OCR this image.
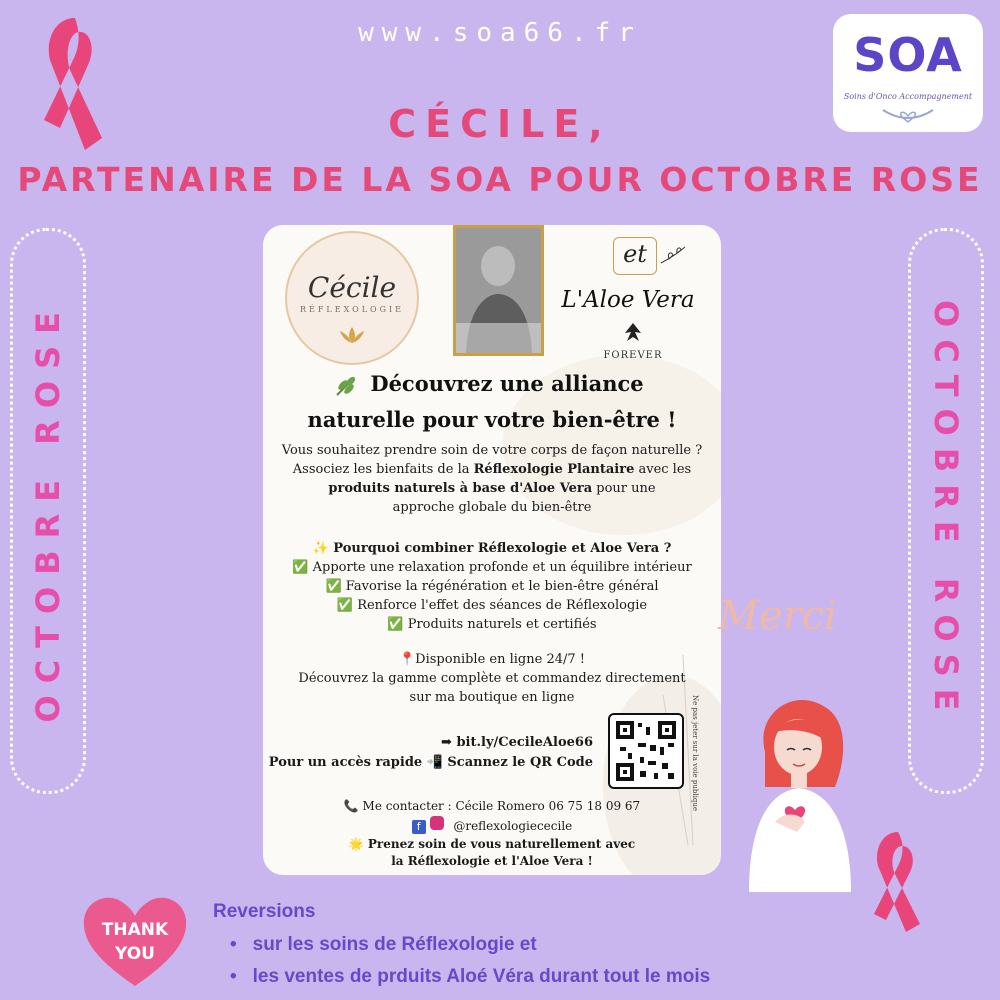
www.soa66.fr	SOA
Soins d'Onco Accompagnement
CÉCILE,
PARTENAIRE DE LA SOA POUR OCTOBRE ROSE
OCTOBRE ROSE	OCTOBRE ROSE
Cécile
RÉFLEXOLOGIE
et
L'Aloe Vera
FOREVER
Découvrez une alliance
naturelle pour votre bien-être !
Vous souhaitez prendre soin de votre corps de façon naturelle ?
Associez les bienfaits de la Réflexologie Plantaire avec les
produits naturels à base d'Aloe Vera pour une
approche globale du bien-être
✨ Pourquoi combiner Réflexologie et Aloe Vera ?
✅ Apporte une relaxation profonde et un équilibre intérieur
✅ Favorise la régénération et le bien-être général
✅ Renforce l'effet des séances de Réflexologie
✅ Produits naturels et certifiés
📍Disponible en ligne 24/7 !
Découvrez la gamme complète et commandez directement
sur ma boutique en ligne
➡ bit.ly/CecileAloe66
Pour un accès rapide 📲 Scannez le QR Code	Ne pas jeter sur la voie publique
📞 Me contacter : Cécile Romero 06 75 18 09 67
f	@reflexologiececile
🌟 Prenez soin de vous naturellement avec
la Réflexologie et l'Aloe Vera !
Merci
THANK
YOU
Reversions
• sur les soins de Réflexologie et
• les ventes de prduits Aloé Véra durant tout le mois
